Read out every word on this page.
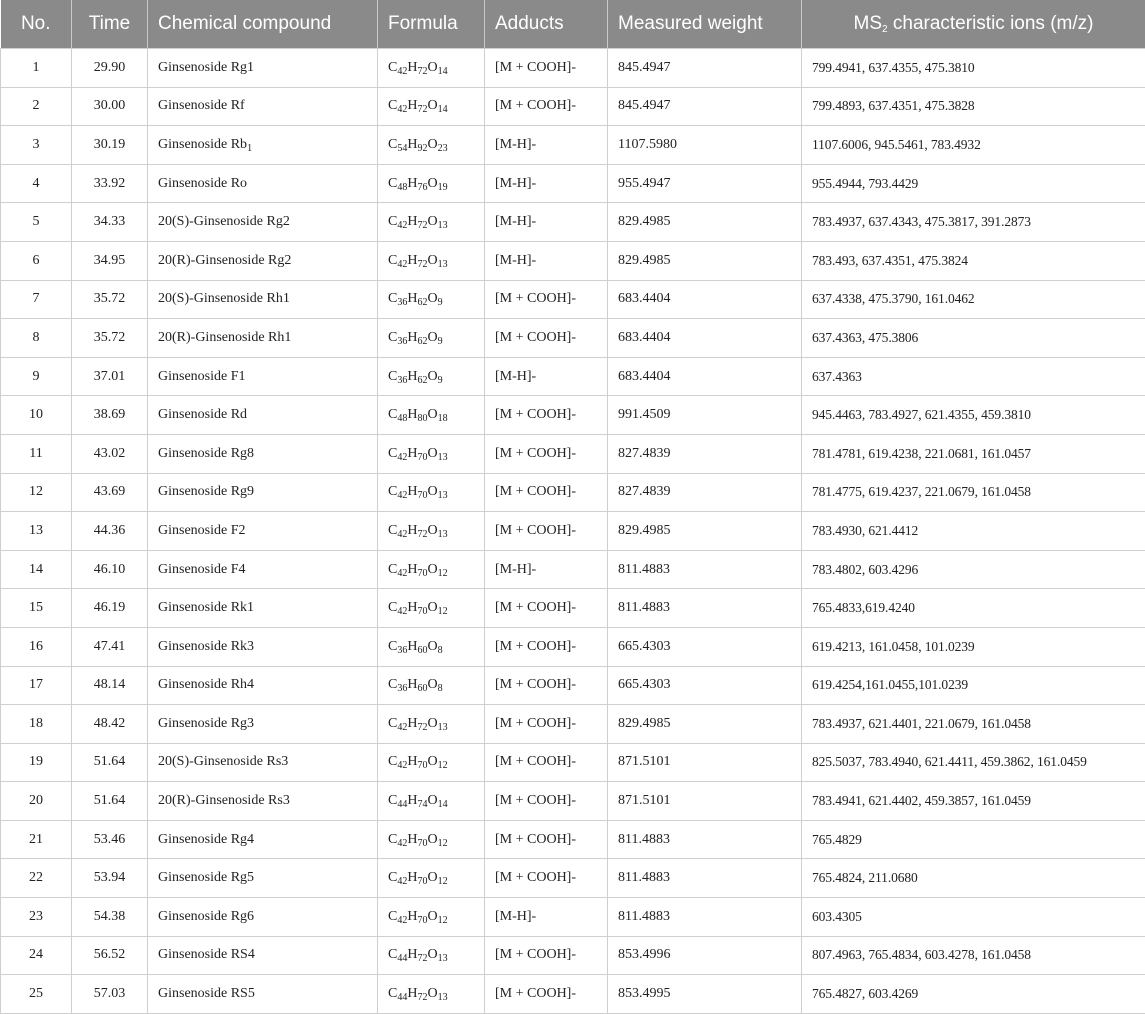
No.	Time	Chemical compound	Formula	Adducts	Measured weight	$MS_2$ characteristic ions (m/z)
1	29.90	Ginsenoside Rg1	$C_{42}H_{72}O_{14}$	[M + COOH]-	845.4947	799.4941, 637.4355, 475.3810
2	30.00	Ginsenoside Rf	$C_{42}H_{72}O_{14}$	[M + COOH]-	845.4947	799.4893, 637.4351, 475.3828
3	30.19	Ginsenoside $Rb_1$	$C_{54}H_{92}O_{23}$	[M-H]-	1107.5980	1107.6006, 945.5461, 783.4932
4	33.92	Ginsenoside Ro	$C_{48}H_{76}O_{19}$	[M-H]-	955.4947	955.4944, 793.4429
5	34.33	20(S)-Ginsenoside Rg2	$C_{42}H_{72}O_{13}$	[M-H]-	829.4985	783.4937, 637.4343, 475.3817, 391.2873
6	34.95	20(R)-Ginsenoside Rg2	$C_{42}H_{72}O_{13}$	[M-H]-	829.4985	783.493, 637.4351, 475.3824
7	35.72	20(S)-Ginsenoside Rh1	$C_{36}H_{62}O_9$	[M + COOH]-	683.4404	637.4338, 475.3790, 161.0462
8	35.72	20(R)-Ginsenoside Rh1	$C_{36}H_{62}O_9$	[M + COOH]-	683.4404	637.4363, 475.3806
9	37.01	Ginsenoside F1	$C_{36}H_{62}O_9$	[M-H]-	683.4404	637.4363
10	38.69	Ginsenoside Rd	$C_{48}H_{80}O_{18}$	[M + COOH]-	991.4509	945.4463, 783.4927, 621.4355, 459.3810
11	43.02	Ginsenoside Rg8	$C_{42}H_{70}O_{13}$	[M + COOH]-	827.4839	781.4781, 619.4238, 221.0681, 161.0457
12	43.69	Ginsenoside Rg9	$C_{42}H_{70}O_{13}$	[M + COOH]-	827.4839	781.4775, 619.4237, 221.0679, 161.0458
13	44.36	Ginsenoside F2	$C_{42}H_{72}O_{13}$	[M + COOH]-	829.4985	783.4930, 621.4412
14	46.10	Ginsenoside F4	$C_{42}H_{70}O_{12}$	[M-H]-	811.4883	783.4802, 603.4296
15	46.19	Ginsenoside Rk1	$C_{42}H_{70}O_{12}$	[M + COOH]-	811.4883	765.4833,619.4240
16	47.41	Ginsenoside Rk3	$C_{36}H_{60}O_8$	[M + COOH]-	665.4303	619.4213, 161.0458, 101.0239
17	48.14	Ginsenoside Rh4	$C_{36}H_{60}O_8$	[M + COOH]-	665.4303	619.4254,161.0455,101.0239
18	48.42	Ginsenoside Rg3	$C_{42}H_{72}O_{13}$	[M + COOH]-	829.4985	783.4937, 621.4401, 221.0679, 161.0458
19	51.64	20(S)-Ginsenoside Rs3	$C_{42}H_{70}O_{12}$	[M + COOH]-	871.5101	825.5037, 783.4940, 621.4411, 459.3862, 161.0459
20	51.64	20(R)-Ginsenoside Rs3	$C_{44}H_{74}O_{14}$	[M + COOH]-	871.5101	783.4941, 621.4402, 459.3857, 161.0459
21	53.46	Ginsenoside Rg4	$C_{42}H_{70}O_{12}$	[M + COOH]-	811.4883	765.4829
22	53.94	Ginsenoside Rg5	$C_{42}H_{70}O_{12}$	[M + COOH]-	811.4883	765.4824, 211.0680
23	54.38	Ginsenoside Rg6	$C_{42}H_{70}O_{12}$	[M-H]-	811.4883	603.4305
24	56.52	Ginsenoside RS4	$C_{44}H_{72}O_{13}$	[M + COOH]-	853.4996	807.4963, 765.4834, 603.4278, 161.0458
25	57.03	Ginsenoside RS5	$C_{44}H_{72}O_{13}$	[M + COOH]-	853.4995	765.4827, 603.4269
